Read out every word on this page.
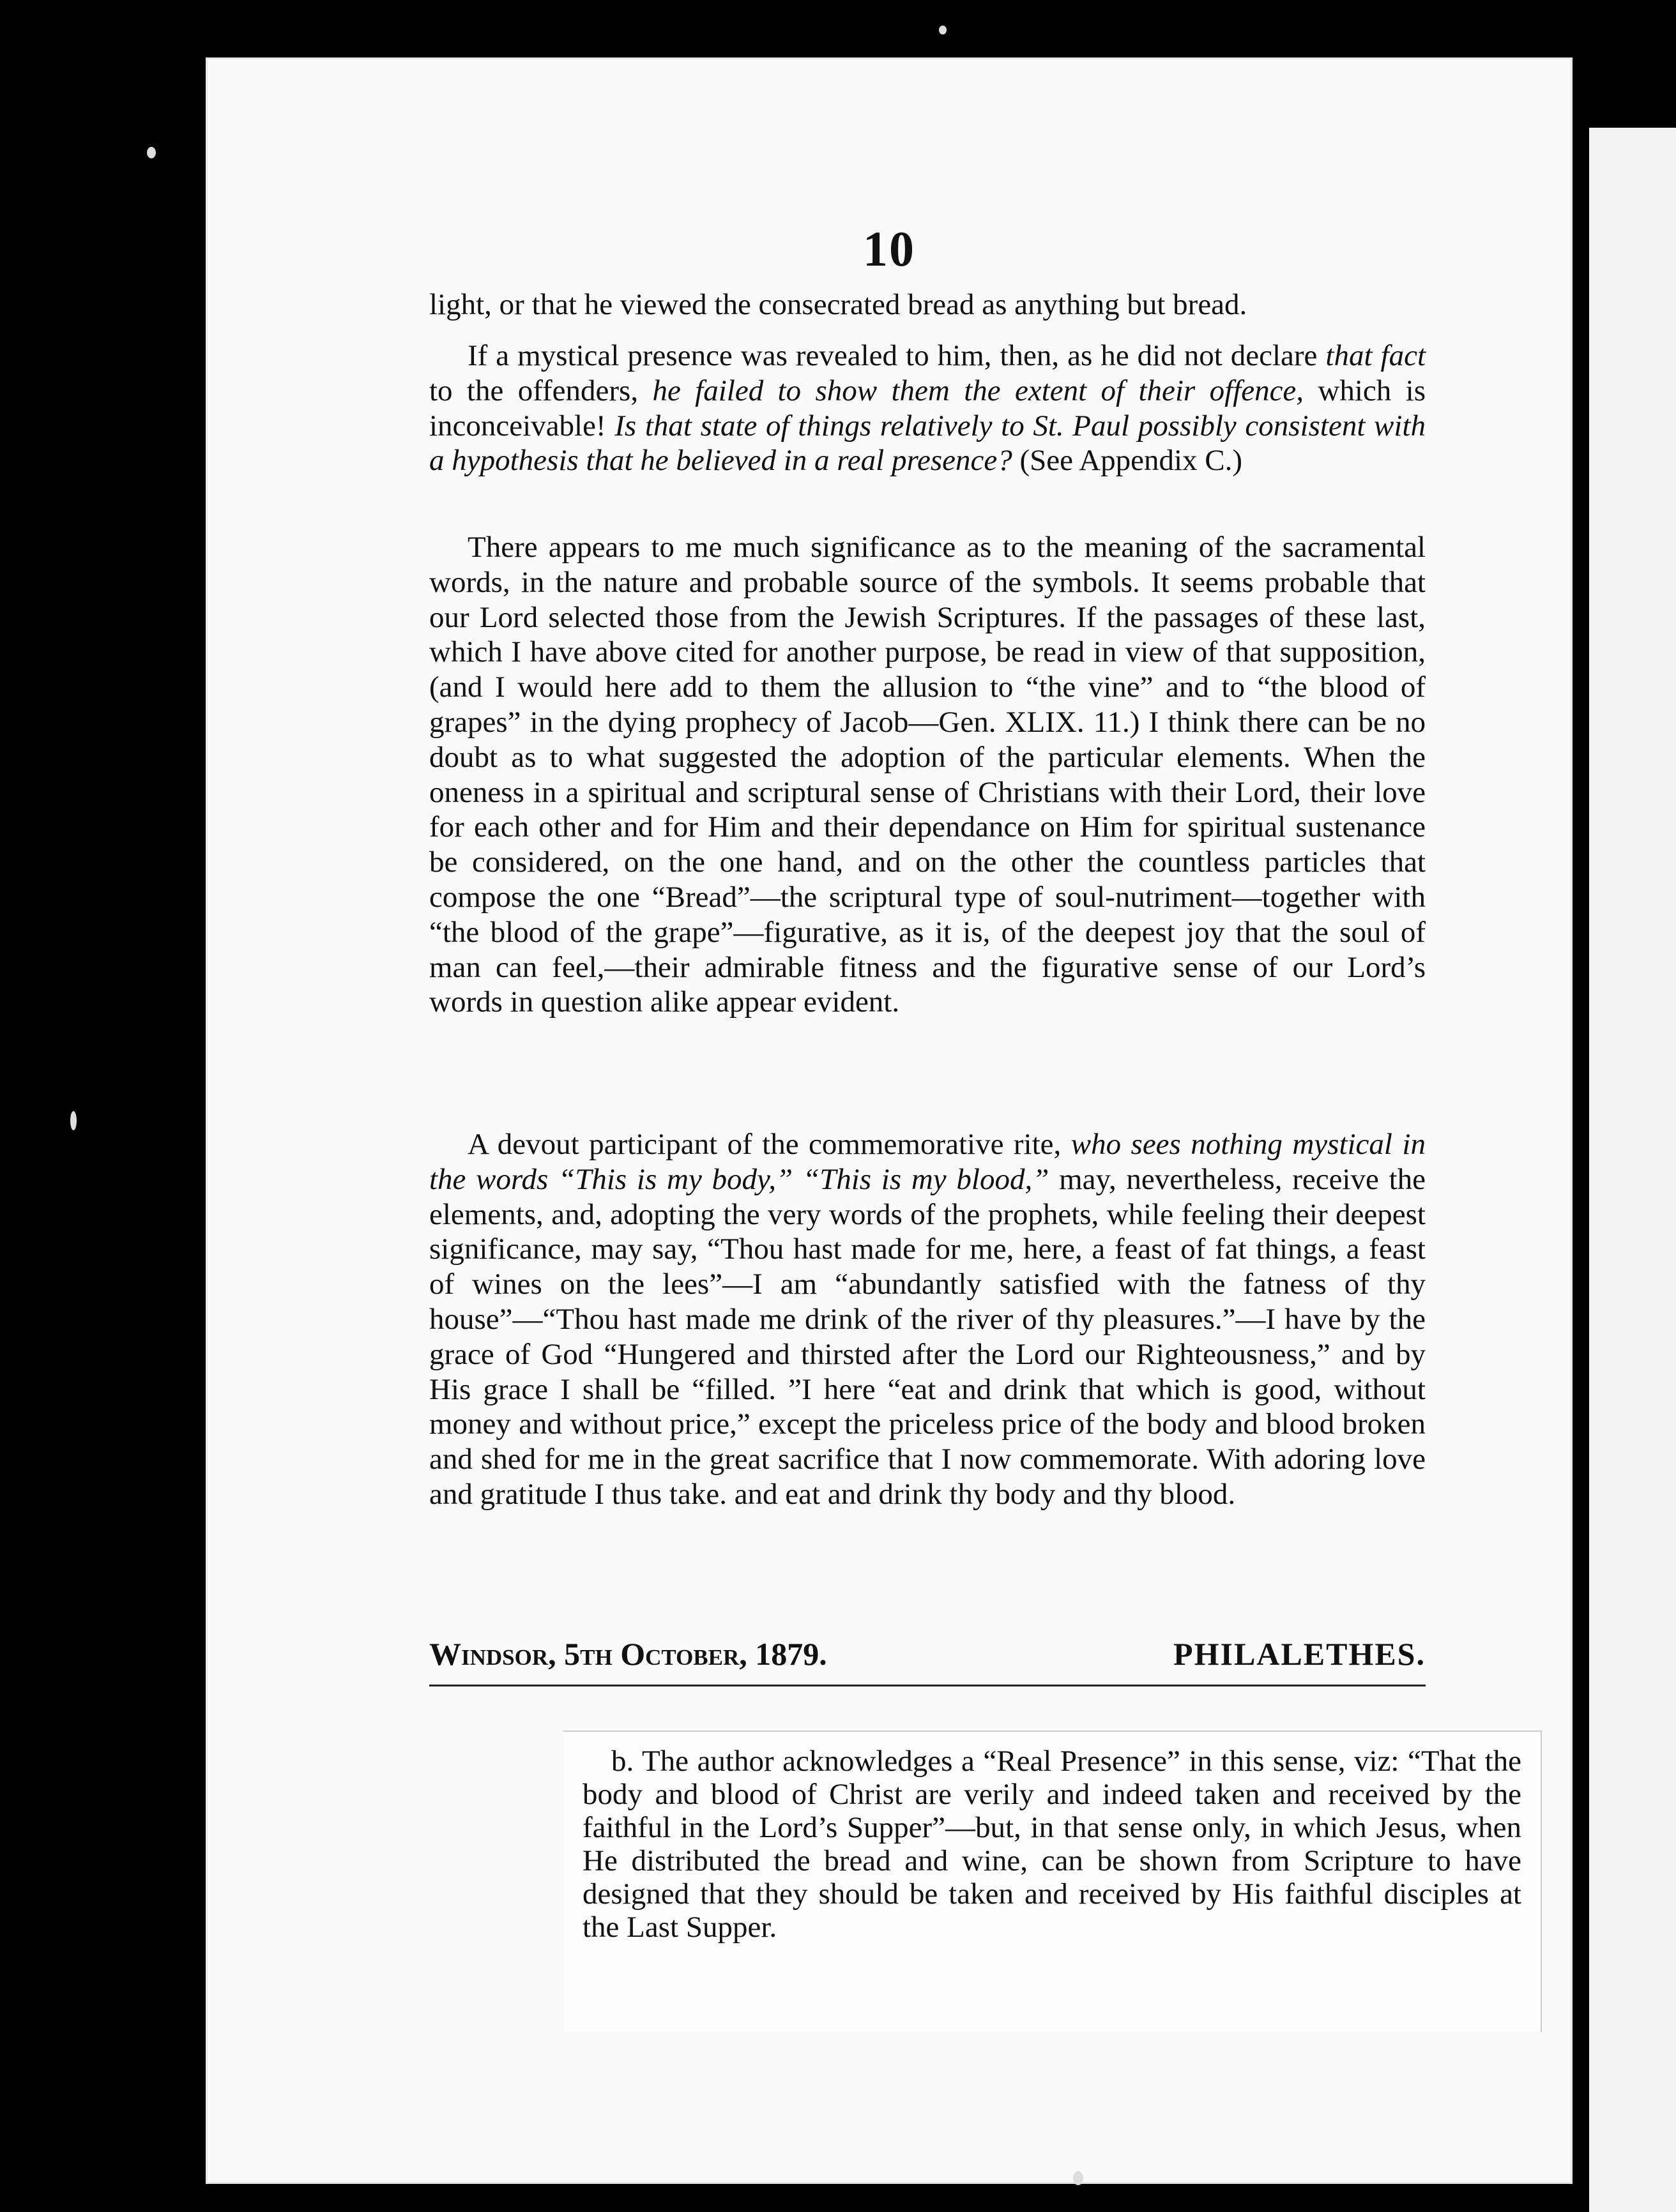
10

light, or that he viewed the consecrated bread as anything but bread.

If a mystical presence was revealed to him, then, as he did not declare that fact to the offenders, he failed to show them the extent of their offence, which is inconceivable! Is that state of things relatively to St. Paul possibly consistent with a hypothesis that he believed in a real presence? (See Appendix C.)

There appears to me much significance as to the meaning of the sacramental words, in the nature and probable source of the symbols. It seems probable that our Lord selected those from the Jewish Scriptures. If the passages of these last, which I have above cited for another purpose, be read in view of that supposition, (and I would here add to them the allusion to “the vine” and to “the blood of grapes” in the dying prophecy of Jacob—Gen. XLIX. 11.) I think there can be no doubt as to what suggested the adoption of the particular elements. When the oneness in a spiritual and scriptural sense of Christians with their Lord, their love for each other and for Him and their dependance on Him for spiritual sustenance be considered, on the one hand, and on the other the countless particles that compose the one “Bread”—the scriptural type of soul-nutriment—together with “the blood of the grape”—figurative, as it is, of the deepest joy that the soul of man can feel,—their admirable fitness and the figurative sense of our Lord’s words in question alike appear evident.

A devout participant of the commemorative rite, who sees nothing mystical in the words “This is my body,” “This is my blood,” may, nevertheless, receive the elements, and, adopting the very words of the prophets, while feeling their deepest significance, may say, “Thou hast made for me, here, a feast of fat things, a feast of wines on the lees”—I am “abundantly satisfied with the fatness of thy house”—“Thou hast made me drink of the river of thy pleasures.”—I have by the grace of God “Hungered and thirsted after the Lord our Righteousness,” and by His grace I shall be “filled. ”I here “eat and drink that which is good, without money and without price,” except the priceless price of the body and blood broken and shed for me in the great sacrifice that I now commemorate. With adoring love and gratitude I thus take. and eat and drink thy body and thy blood.

Windsor, 5th October, 1879.	PHILALETHES.

b. The author acknowledges a “Real Presence” in this sense, viz: “That the body and blood of Christ are verily and indeed taken and received by the faithful in the Lord’s Supper”—but, in that sense only, in which Jesus, when He distributed the bread and wine, can be shown from Scripture to have designed that they should be taken and received by His faithful disciples at the Last Supper.
